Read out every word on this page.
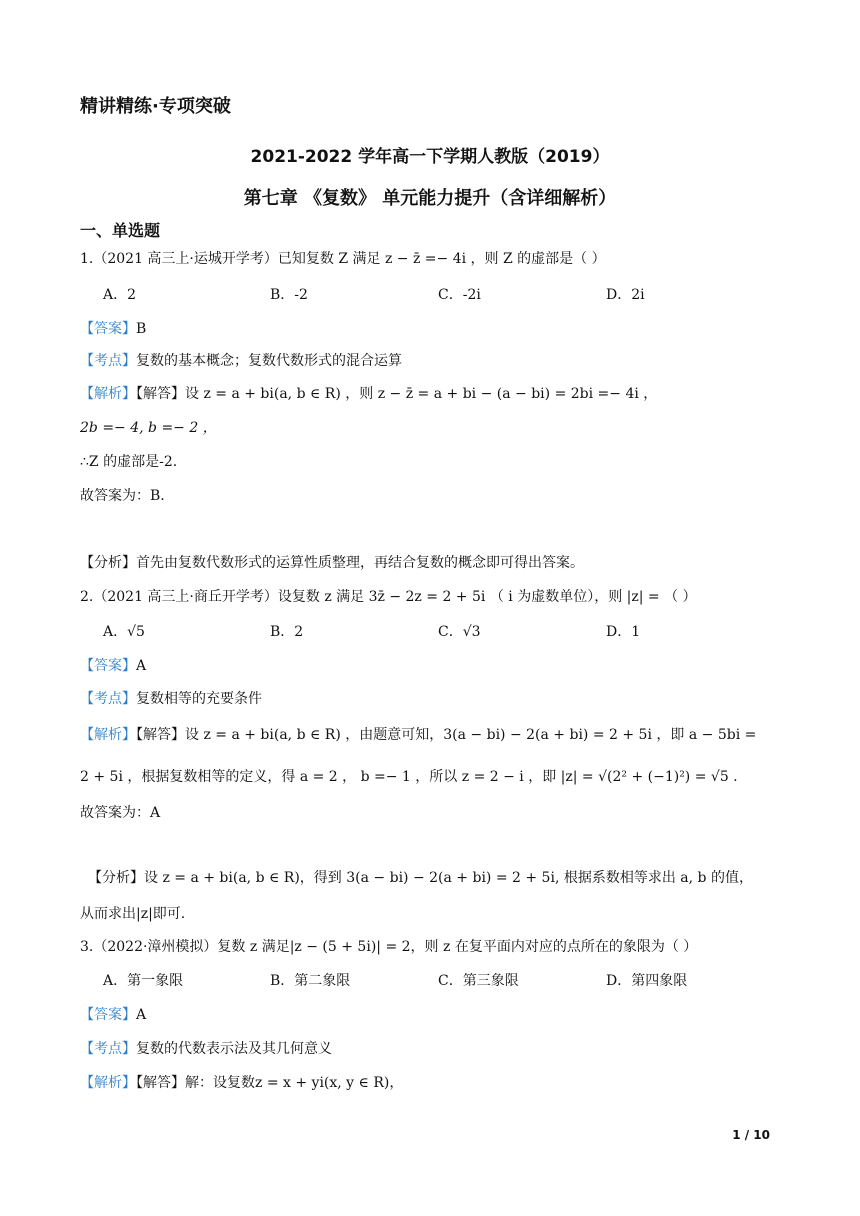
精讲精练·专项突破
2021-2022 学年高一下学期人教版（2019）
第七章 《复数》 单元能力提升（含详细解析）
一、单选题
1.（2021 高三上·运城开学考）已知复数 Z 满足 z − z̄ =− 4i ，则 Z 的虚部是（ ）
A．2	B．-2	C．-2i	D．2i
【答案】B
【考点】复数的基本概念；复数代数形式的混合运算
【解析】【解答】设 z = a + bi(a, b ∈ R) ，则 z − z̄ = a + bi − (a − bi) = 2bi =− 4i ，
2b =− 4, b =− 2 ，
∴Z 的虚部是-2.
故答案为：B.
【分析】首先由复数代数形式的运算性质整理，再结合复数的概念即可得出答案。
2.（2021 高三上·商丘开学考）设复数 z 满足 3z̄ − 2z = 2 + 5i （ i 为虚数单位），则 |z| = （ ）
A．√5	B．2	C．√3	D．1
【答案】A
【考点】复数相等的充要条件
【解析】【解答】设 z = a + bi(a, b ∈ R) ，由题意可知，3(a − bi) − 2(a + bi) = 2 + 5i ，即 a − 5bi =
2 + 5i ，根据复数相等的定义，得 a = 2 ， b =− 1 ，所以 z = 2 − i ，即 |z| = √(2² + (−1)²) = √5 .
故答案为：A
【分析】设 z = a + bi(a, b ∈ R)，得到 3(a − bi) − 2(a + bi) = 2 + 5i, 根据系数相等求出 a, b 的值，
从而求出|z|即可.
3.（2022·漳州模拟）复数 z 满足|z − (5 + 5i)| = 2，则 z 在复平面内对应的点所在的象限为（ ）
A．第一象限	B．第二象限	C．第三象限	D．第四象限
【答案】A
【考点】复数的代数表示法及其几何意义
【解析】【解答】解：设复数z = x + yi(x, y ∈ R)，
1 / 10
